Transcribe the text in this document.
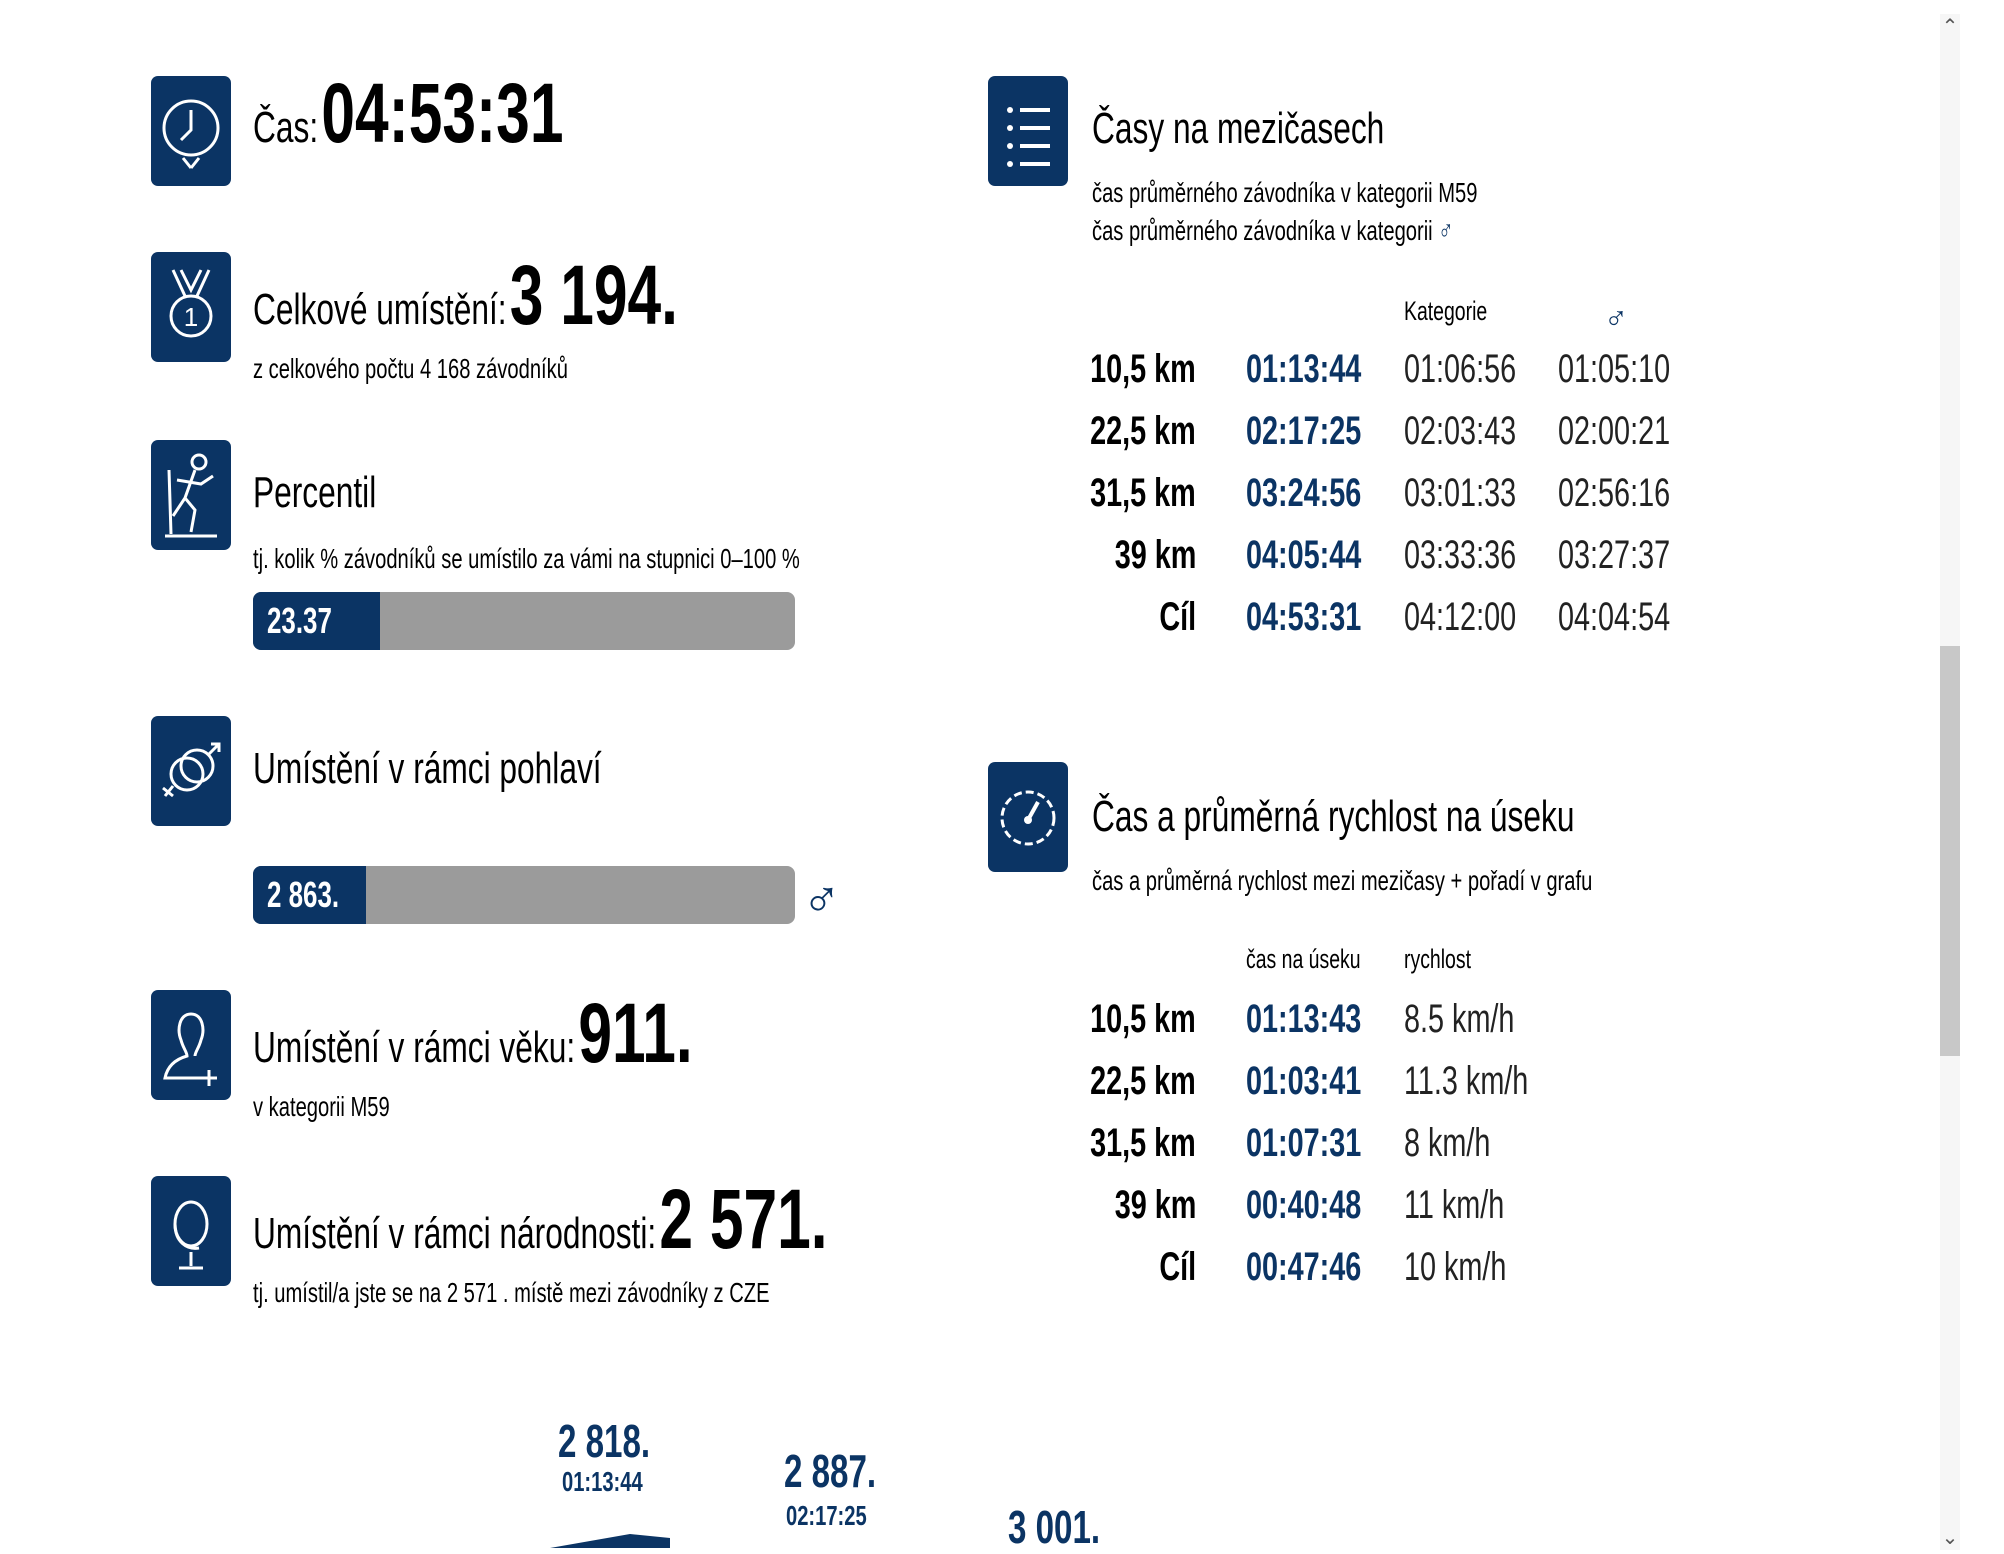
Čas: 04:53:31
1 Celkové umístění: 3 194.
z celkového počtu 4 168 závodníků
Percentil
tj. kolik % závodníků se umístilo za vámi na stupnici 0–100 %
23.37
Umístění v rámci pohlaví
2 863.	♂
Umístění v rámci věku: 911.
v kategorii M59
Umístění v rámci národnosti: 2 571.
tj. umístil/a jste se na 2 571 . místě mezi závodníky z CZE
2 818.
01:13:44	2 887.
02:17:25	3 001.
Časy na mezičasech
čas průměrného závodníka v kategorii M59
čas průměrného závodníka v kategorii ♂
Kategorie	♂
10,5 km 01:13:44	01:06:56	01:05:10
22,5 km 02:17:25	02:03:43	02:00:21
31,5 km 03:24:56	03:01:33	02:56:16
39 km 04:05:44	03:33:36	03:27:37
Cíl 04:53:31	04:12:00	04:04:54
Čas a průměrná rychlost na úseku
čas a průměrná rychlost mezi mezičasy + pořadí v grafu
čas na úseku	rychlost
10,5 km 01:13:43	8.5 km/h
22,5 km 01:03:41	11.3 km/h
31,5 km 01:07:31	8 km/h
39 km 00:40:48	11 km/h
Cíl 00:47:46	10 km/h
⌃
⌄
